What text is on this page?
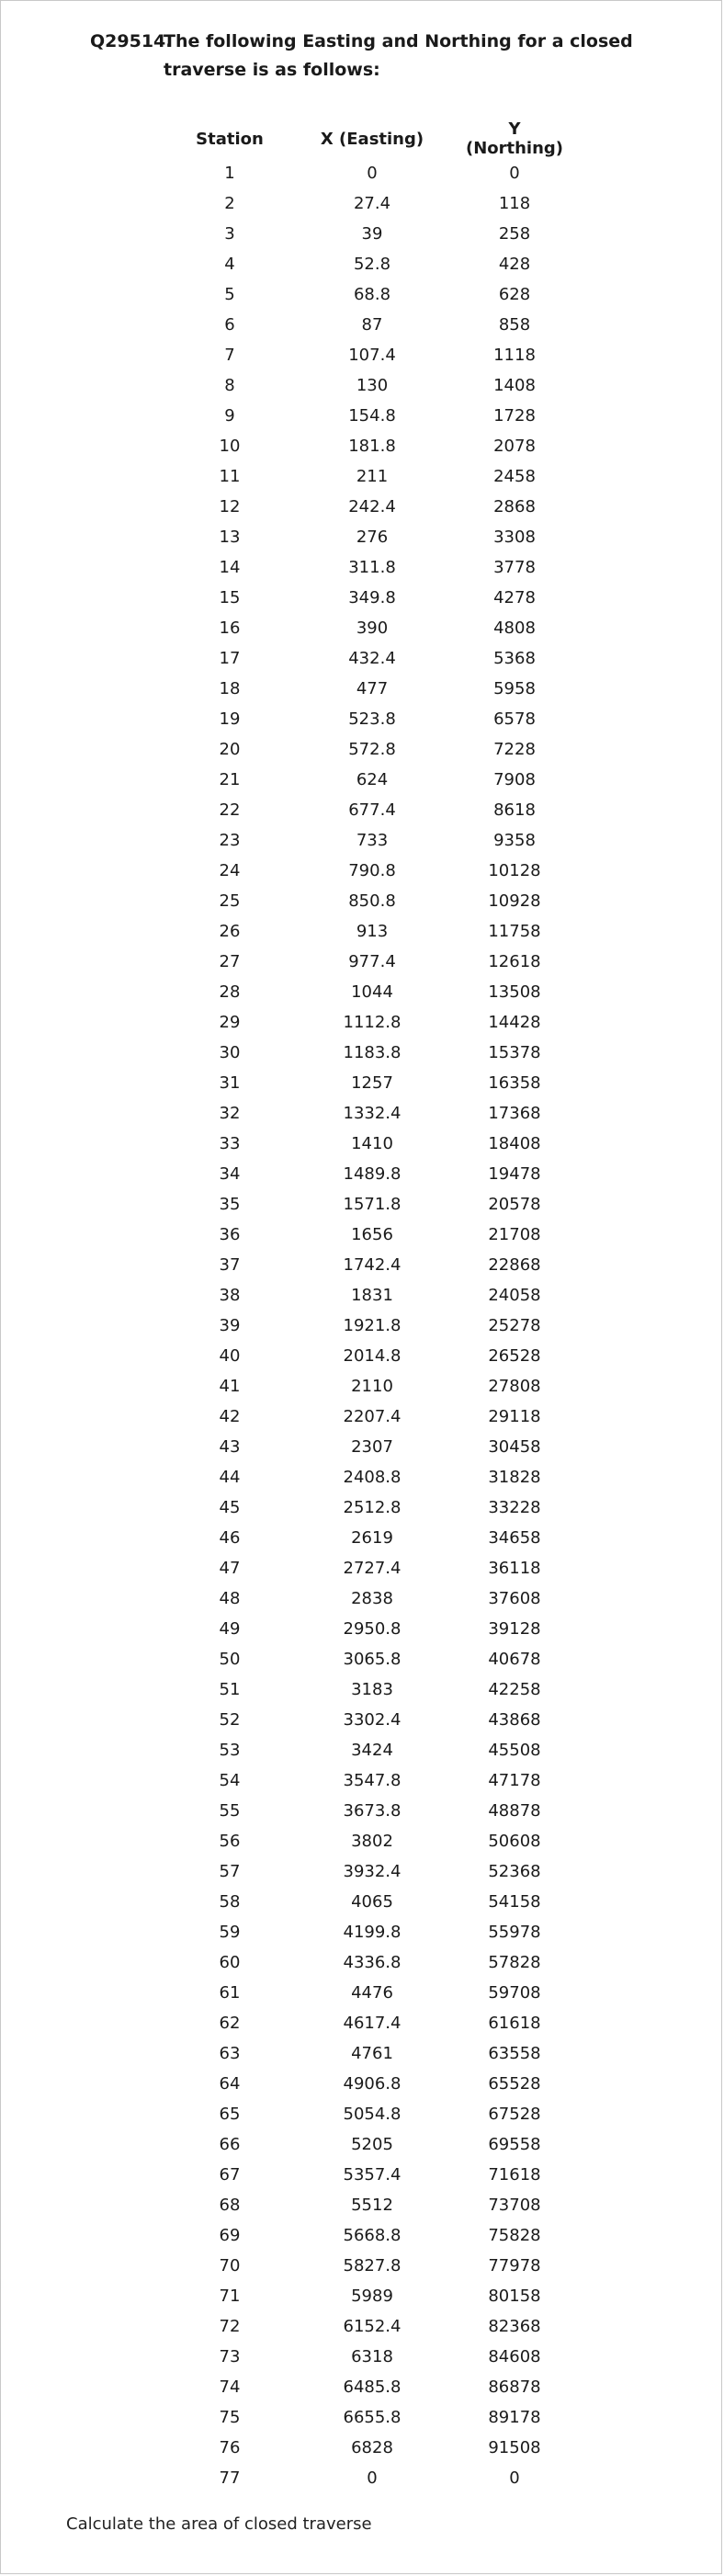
Q29514.
The following Easting and Northing for a closed
traverse is as follows:
Station	X (Easting)	Y (Northing)
1	0	0
2	27.4	118
3	39	258
4	52.8	428
5	68.8	628
6	87	858
7	107.4	1118
8	130	1408
9	154.8	1728
10	181.8	2078
11	211	2458
12	242.4	2868
13	276	3308
14	311.8	3778
15	349.8	4278
16	390	4808
17	432.4	5368
18	477	5958
19	523.8	6578
20	572.8	7228
21	624	7908
22	677.4	8618
23	733	9358
24	790.8	10128
25	850.8	10928
26	913	11758
27	977.4	12618
28	1044	13508
29	1112.8	14428
30	1183.8	15378
31	1257	16358
32	1332.4	17368
33	1410	18408
34	1489.8	19478
35	1571.8	20578
36	1656	21708
37	1742.4	22868
38	1831	24058
39	1921.8	25278
40	2014.8	26528
41	2110	27808
42	2207.4	29118
43	2307	30458
44	2408.8	31828
45	2512.8	33228
46	2619	34658
47	2727.4	36118
48	2838	37608
49	2950.8	39128
50	3065.8	40678
51	3183	42258
52	3302.4	43868
53	3424	45508
54	3547.8	47178
55	3673.8	48878
56	3802	50608
57	3932.4	52368
58	4065	54158
59	4199.8	55978
60	4336.8	57828
61	4476	59708
62	4617.4	61618
63	4761	63558
64	4906.8	65528
65	5054.8	67528
66	5205	69558
67	5357.4	71618
68	5512	73708
69	5668.8	75828
70	5827.8	77978
71	5989	80158
72	6152.4	82368
73	6318	84608
74	6485.8	86878
75	6655.8	89178
76	6828	91508
77	0	0
Calculate the area of closed traverse
